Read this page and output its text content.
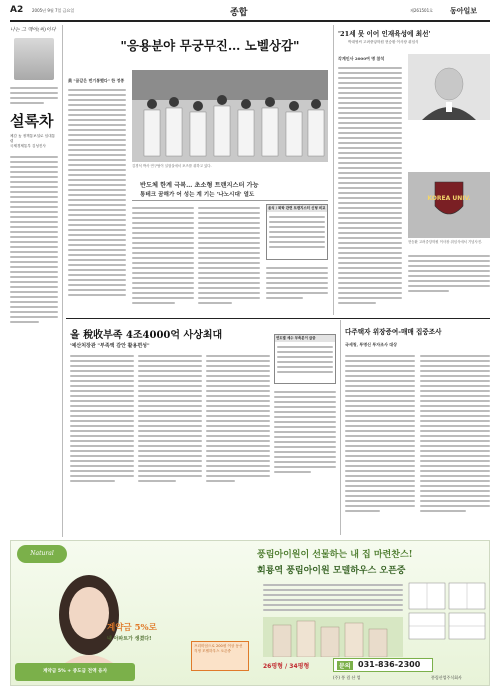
A2 2005년 9월 7일 금요일	종합	제261501호 동아일보
나는 그 맥아(씨)이다
설록차
체감 높 정책통보설로 임대통령
국제경제통부 김성진사
"응용분야 무궁무진… 노벨상감"
美 "꿈같은 번기통했다" 한 정종
김경석 박사 연구팀이 실험실에서 포즈를 취하고 있다.
반도체 한계 극복… 초소형 트랜지스터 가능
통테크 꿈해가 어 성는 계 기는 '나노시대' 열도
음식 / 화학 관련 트랜지스터 신형 비교
'21세 못 이어 인재육성에 최선'
박대영씨 고려중앙학원 현승환 이사장 취임식
각계인사 2000여 명 참석
KOREA UNIV.
현승환 고려중앙학원 이사장 취임식에서 기념사진.
올 稅收부족 4조4000억 사상최대
'예산처장관 "부족액 감안 활용편성"
연도별 세수 부족분이 급증
다주택자 위장증여-매매 집중조사
국세청, 투명신 투자조사 대상
Natural
계약금 5%로
내 아파트가 생겼다!
계약금 5% + 중도금 전액 융자
프리미엄으로 200평 이상 동선 걱정 모델하우스 오픈중
풍림아이원이 선물하는 내 집 마련찬스!
회룡역 풍림아이원 모델하우스 오픈중
26평형 / 34평형	문의 031-836-2300
(주) 풍 림 산 업	풍림산업주식회사
